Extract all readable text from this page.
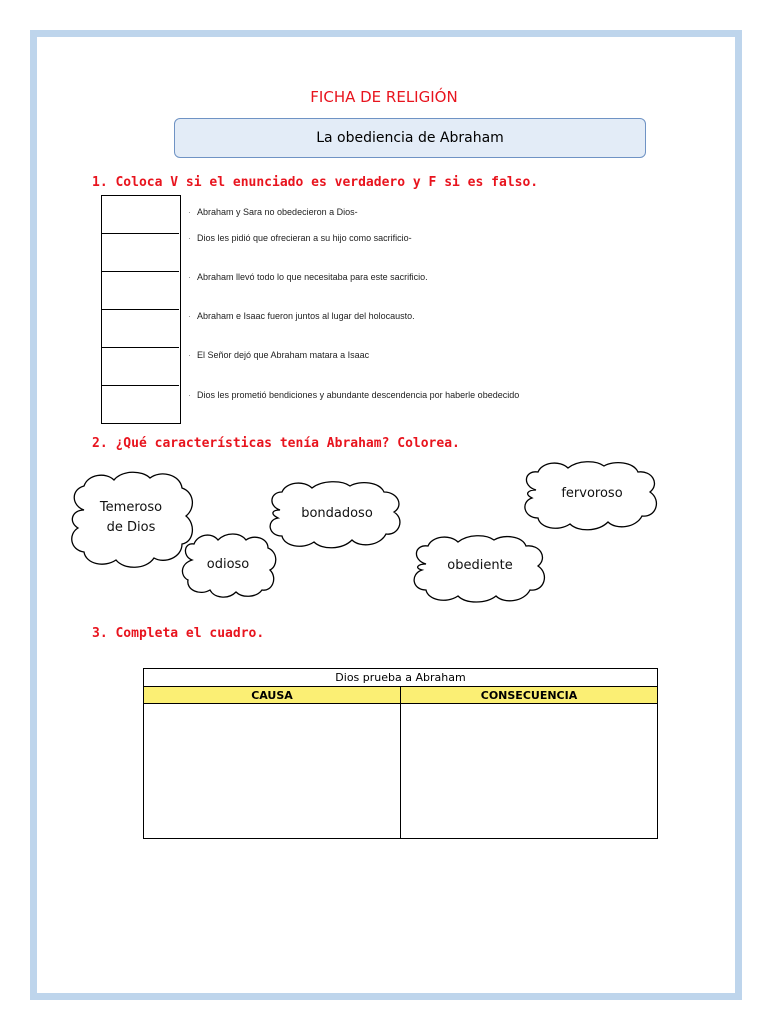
FICHA DE RELIGIÓN
La obediencia de Abraham
1. Coloca V si el enunciado es verdadero y F si es falso.
· Abraham y Sara no obedecieron a Dios-
· Dios les pidió que ofrecieran a su hijo como sacrificio-
· Abraham llevó todo lo que necesitaba para este sacrificio.
· Abraham e Isaac fueron juntos al lugar del holocausto.
· El Señor dejó que Abraham matara a Isaac
· Dios les prometió bendiciones y abundante descendencia por haberle obedecido
2. ¿Qué características tenía Abraham? Colorea.
Temeroso
de Dios
bondadoso
fervoroso
odioso	obediente
3. Completa el cuadro.
Dios prueba a Abraham	
CAUSA	CONSECUENCIA
